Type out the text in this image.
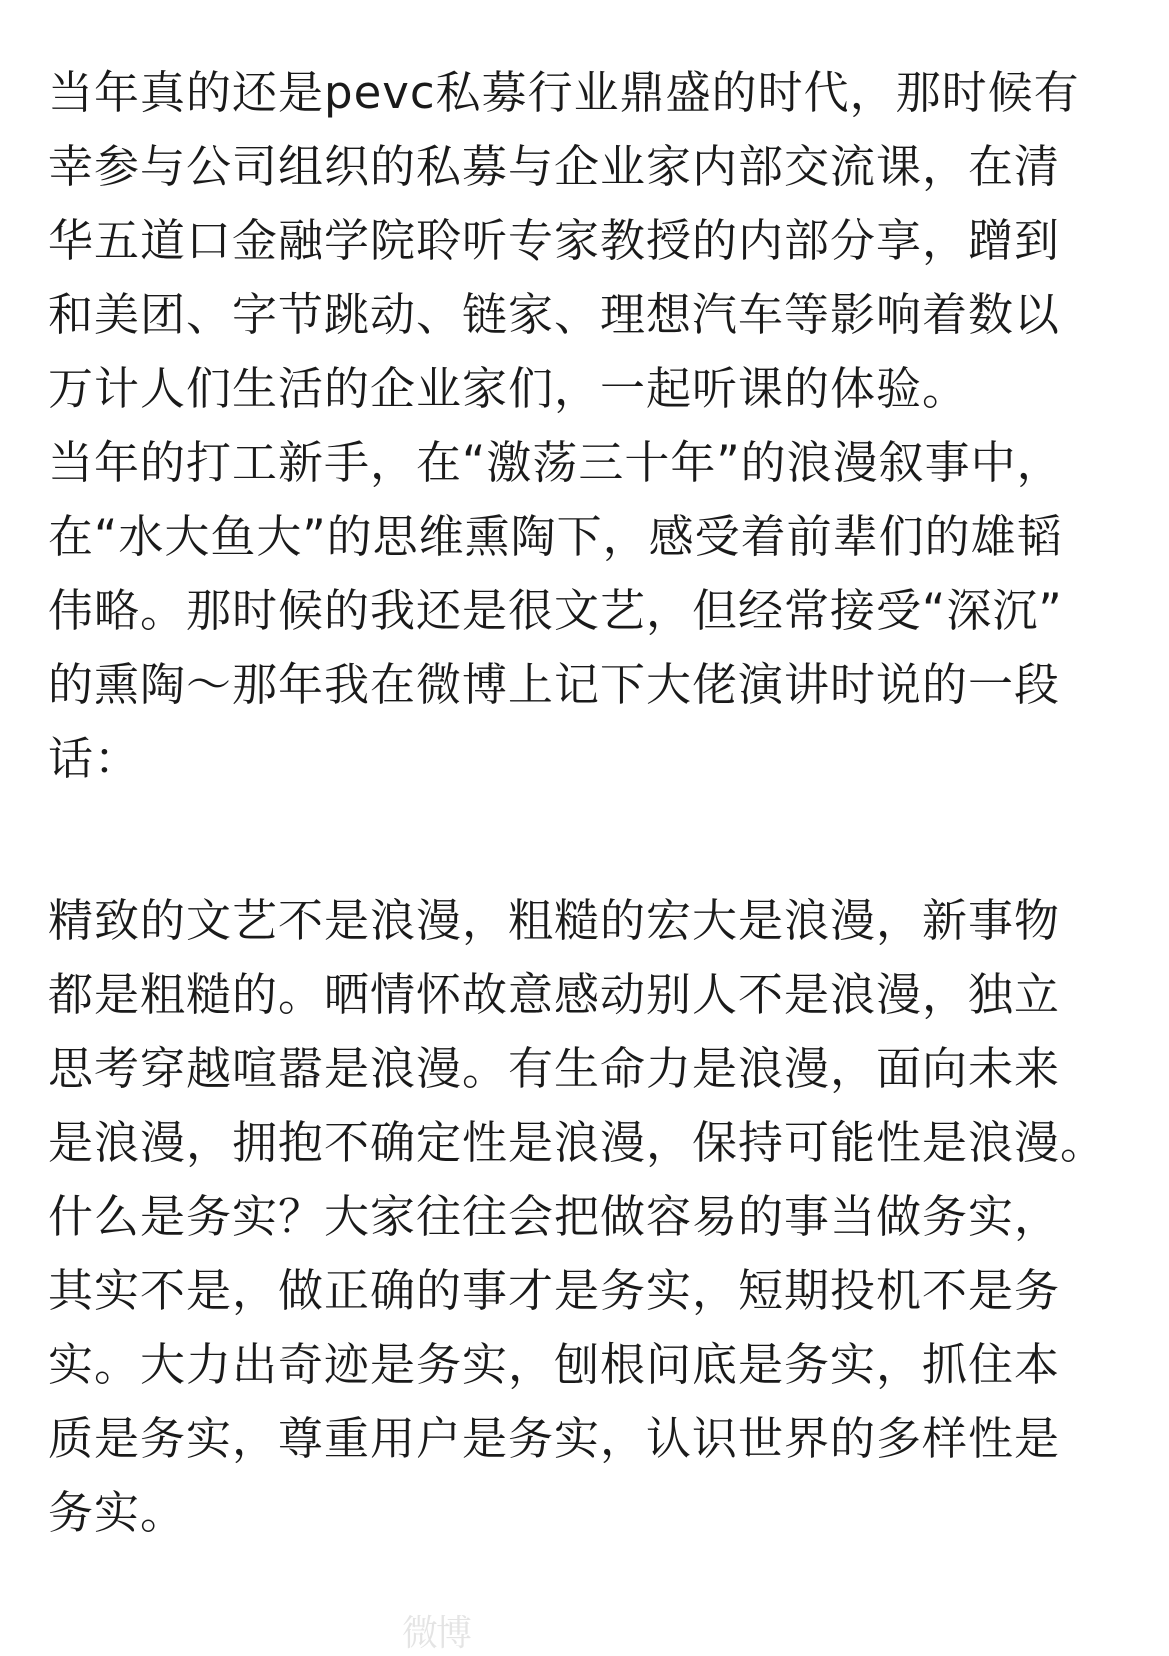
当年真的还是pevc私募行业鼎盛的时代，那时候有
幸参与公司组织的私募与企业家内部交流课，在清
华五道口金融学院聆听专家教授的内部分享，蹭到
和美团、字节跳动、链家、理想汽车等影响着数以
万计人们生活的企业家们，一起听课的体验。
当年的打工新手，在“激荡三十年”的浪漫叙事中，
在“水大鱼大”的思维熏陶下，感受着前辈们的雄韬
伟略。那时候的我还是很文艺，但经常接受“深沉”
的熏陶～那年我在微博上记下大佬演讲时说的一段
话：
精致的文艺不是浪漫，粗糙的宏大是浪漫，新事物
都是粗糙的。晒情怀故意感动别人不是浪漫，独立
思考穿越喧嚣是浪漫。有生命力是浪漫，面向未来
是浪漫，拥抱不确定性是浪漫，保持可能性是浪漫。
什么是务实？大家往往会把做容易的事当做务实，
其实不是，做正确的事才是务实，短期投机不是务
实。大力出奇迹是务实，刨根问底是务实，抓住本
质是务实，尊重用户是务实，认识世界的多样性是
务实。
微博
